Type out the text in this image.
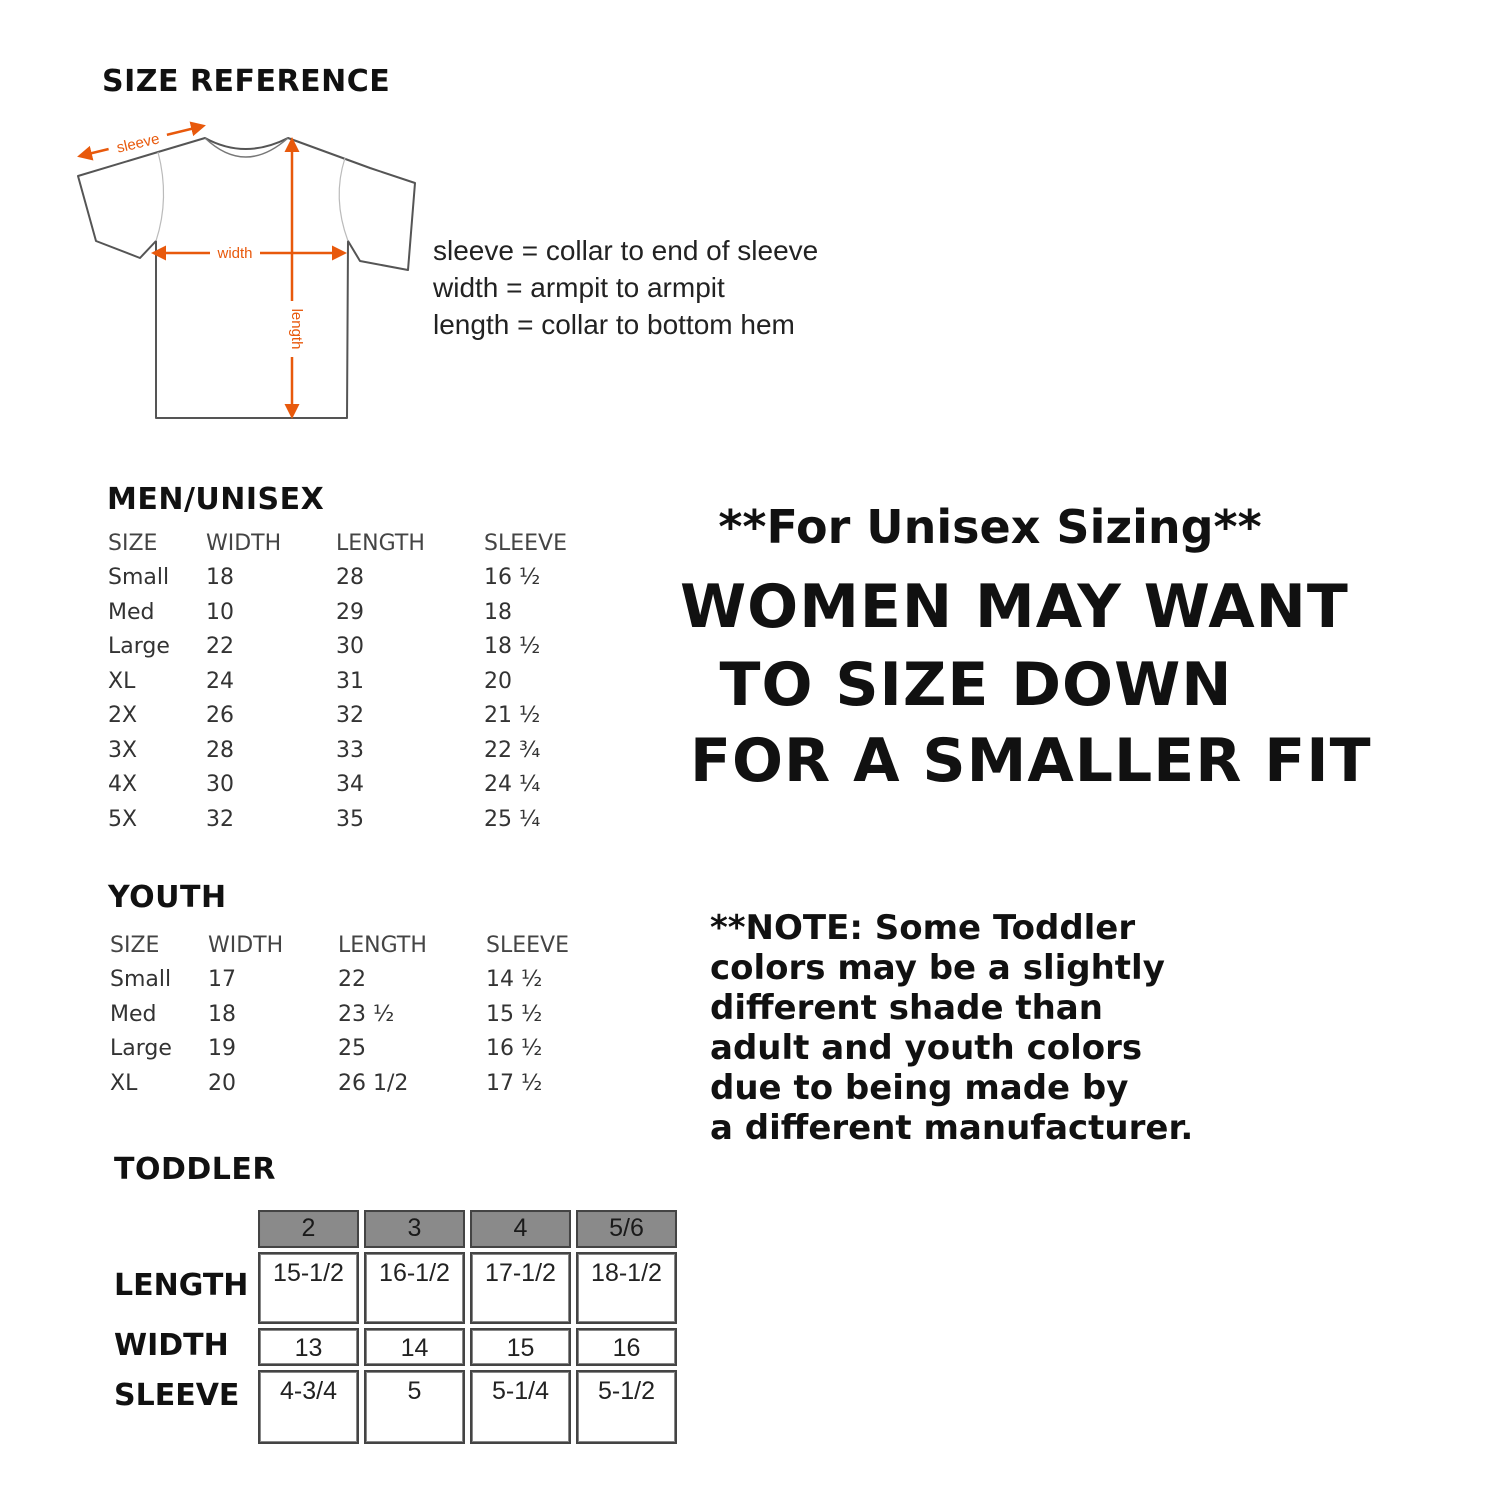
SIZE REFERENCE
sleeve
width
length
sleeve = collar to end of sleeve
width = armpit to armpit
length = collar to bottom hem
MEN/UNISEX
SIZE	WIDTH	LENGTH	SLEEVE
Small	18	28	16 ½
Med	10	29	18
Large	22	30	18 ½
XL	24	31	20
2X	26	32	21 ½
3X	28	33	22 ¾
4X	30	34	24 ¼
5X	32	35	25 ¼
YOUTH
SIZE	WIDTH	LENGTH	SLEEVE
Small	17	22	14 ½
Med	18	23 ½	15 ½
Large	19	25	16 ½
XL	20	26 1/2	17 ½
TODDLER
2	3	4	5/6
LENGTH 15-1/2	16-1/2	17-1/2	18-1/2
WIDTH	13	14	15	16
SLEEVE	4-3/4	5	5-1/4	5-1/2
**For Unisex Sizing**
WOMEN MAY WANT
TO SIZE DOWN
FOR A SMALLER FIT
**NOTE: Some Toddler
colors may be a slightly
different shade than
adult and youth colors
due to being made by
a different manufacturer.
